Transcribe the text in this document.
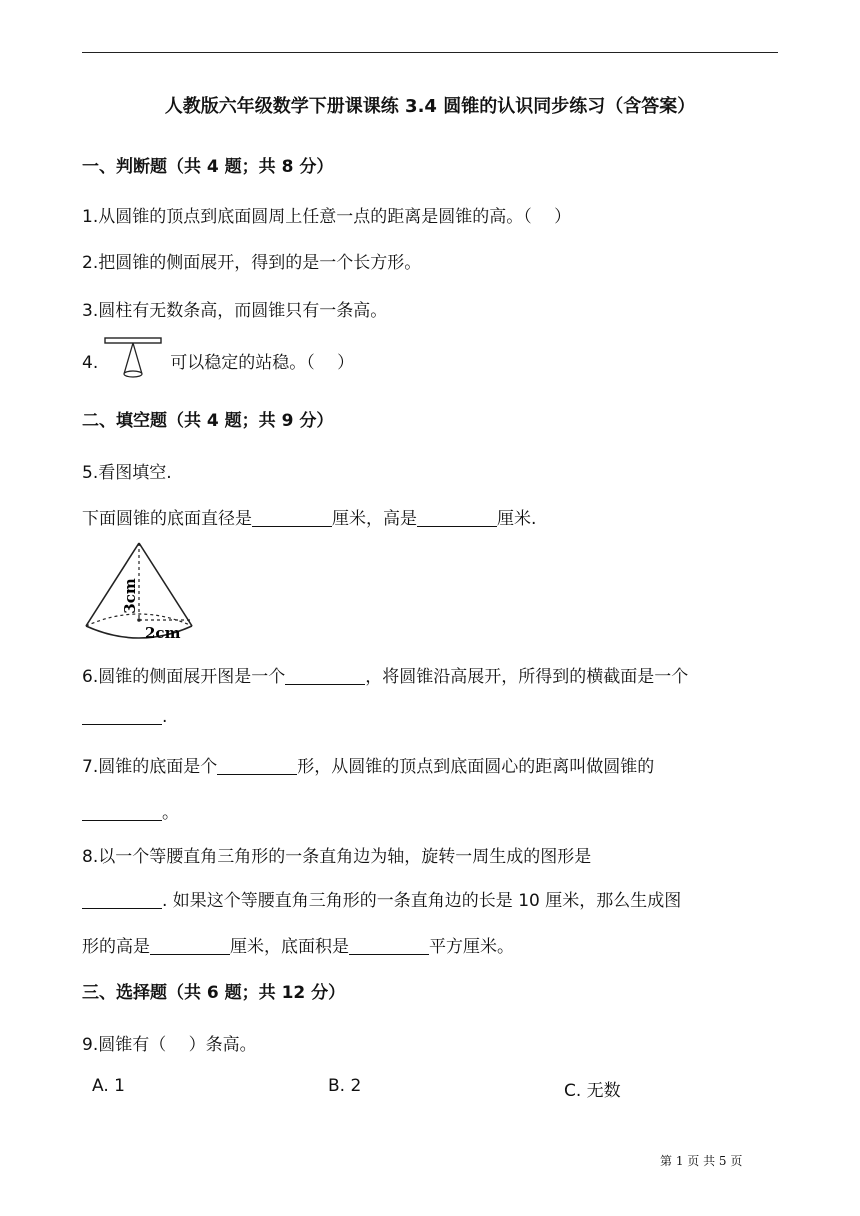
人教版六年级数学下册课课练 3.4 圆锥的认识同步练习（含答案）
一、判断题（共 4 题；共 8 分）
1.从圆锥的顶点到底面圆周上任意一点的距离是圆锥的高。（　 ）
2.把圆锥的侧面展开，得到的是一个长方形。
3.圆柱有无数条高，而圆锥只有一条高。
4.	可以稳定的站稳。（　 ）
二、填空题（共 4 题；共 9 分）
5.看图填空.
下面圆锥的底面直径是	厘米，高是	厘米.
3cm
2cm
6.圆锥的侧面展开图是一个	，将圆锥沿高展开，所得到的横截面是一个
.
7.圆锥的底面是个	形，从圆锥的顶点到底面圆心的距离叫做圆锥的
。
8.以一个等腰直角三角形的一条直角边为轴，旋转一周生成的图形是
. 如果这个等腰直角三角形的一条直角边的长是 10 厘米，那么生成图
形的高是	厘米，底面积是	平方厘米。
三、选择题（共 6 题；共 12 分）
9.圆锥有（　 ）条高。
A. 1	B. 2	C. 无数
第 1 页 共 5 页
